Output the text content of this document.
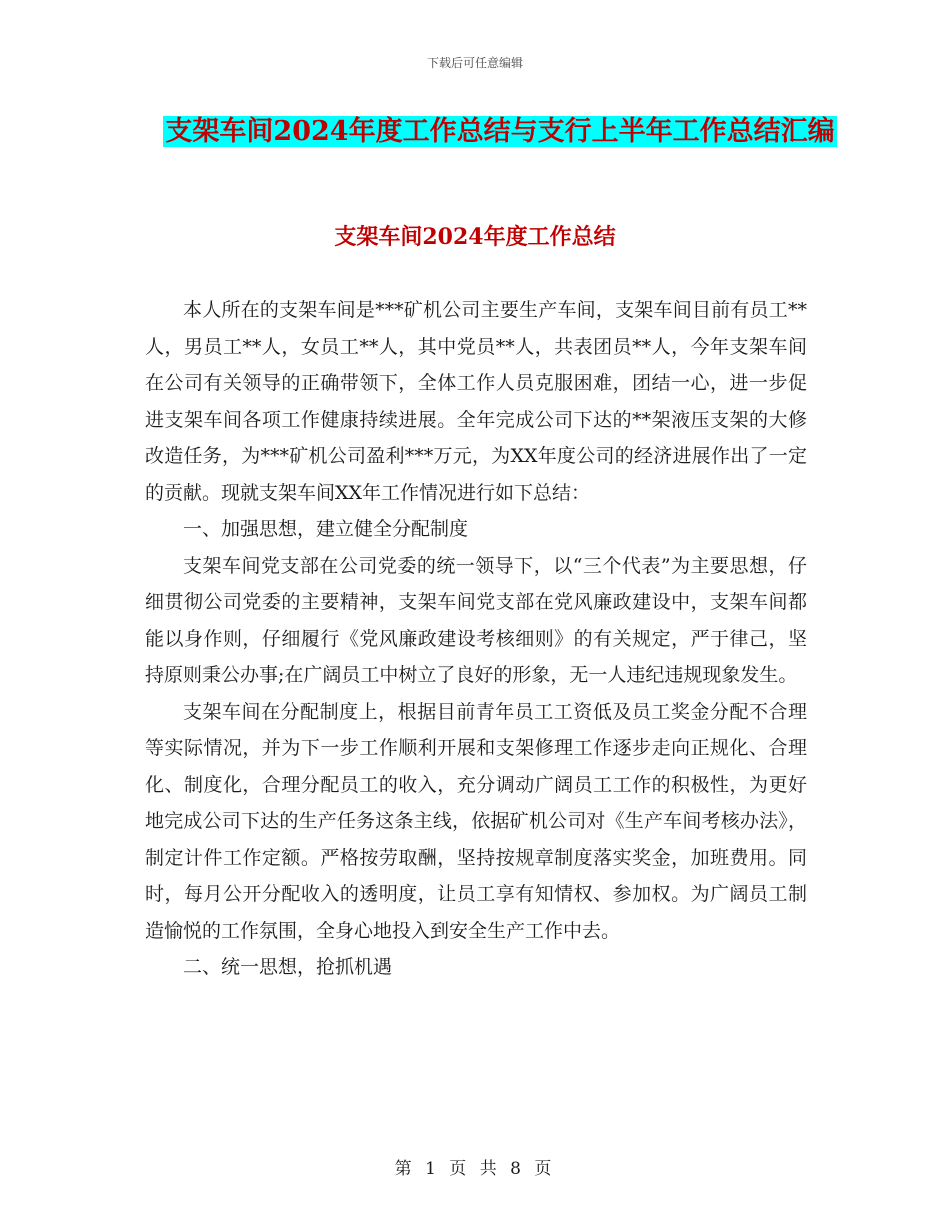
下载后可任意编辑
支架车间2024年度工作总结与支行上半年工作总结汇编
支架车间2024年度工作总结

本人所在的支架车间是***矿机公司主要生产车间，支架车间目前有员工**人，男员工**人，女员工**人，其中党员**人，共表团员**人，今年支架车间在公司有关领导的正确带领下，全体工作人员克服困难，团结一心，进一步促进支架车间各项工作健康持续进展。全年完成公司下达的**架液压支架的大修改造任务，为***矿机公司盈利***万元，为XX年度公司的经济进展作出了一定的贡献。现就支架车间XX年工作情况进行如下总结：

一、加强思想，建立健全分配制度

支架车间党支部在公司党委的统一领导下，以“三个代表”为主要思想，仔细贯彻公司党委的主要精神，支架车间党支部在党风廉政建设中，支架车间都能以身作则，仔细履行《党风廉政建设考核细则》的有关规定，严于律己，坚持原则秉公办事;在广阔员工中树立了良好的形象，无一人违纪违规现象发生。

支架车间在分配制度上，根据目前青年员工工资低及员工奖金分配不合理等实际情况，并为下一步工作顺利开展和支架修理工作逐步走向正规化、合理化、制度化，合理分配员工的收入，充分调动广阔员工工作的积极性，为更好地完成公司下达的生产任务这条主线，依据矿机公司对《生产车间考核办法》，制定计件工作定额。严格按劳取酬，坚持按规章制度落实奖金，加班费用。同时，每月公开分配收入的透明度，让员工享有知情权、参加权。为广阔员工制造愉悦的工作氛围，全身心地投入到安全生产工作中去。

二、统一思想，抢抓机遇

第 1 页 共 8 页
